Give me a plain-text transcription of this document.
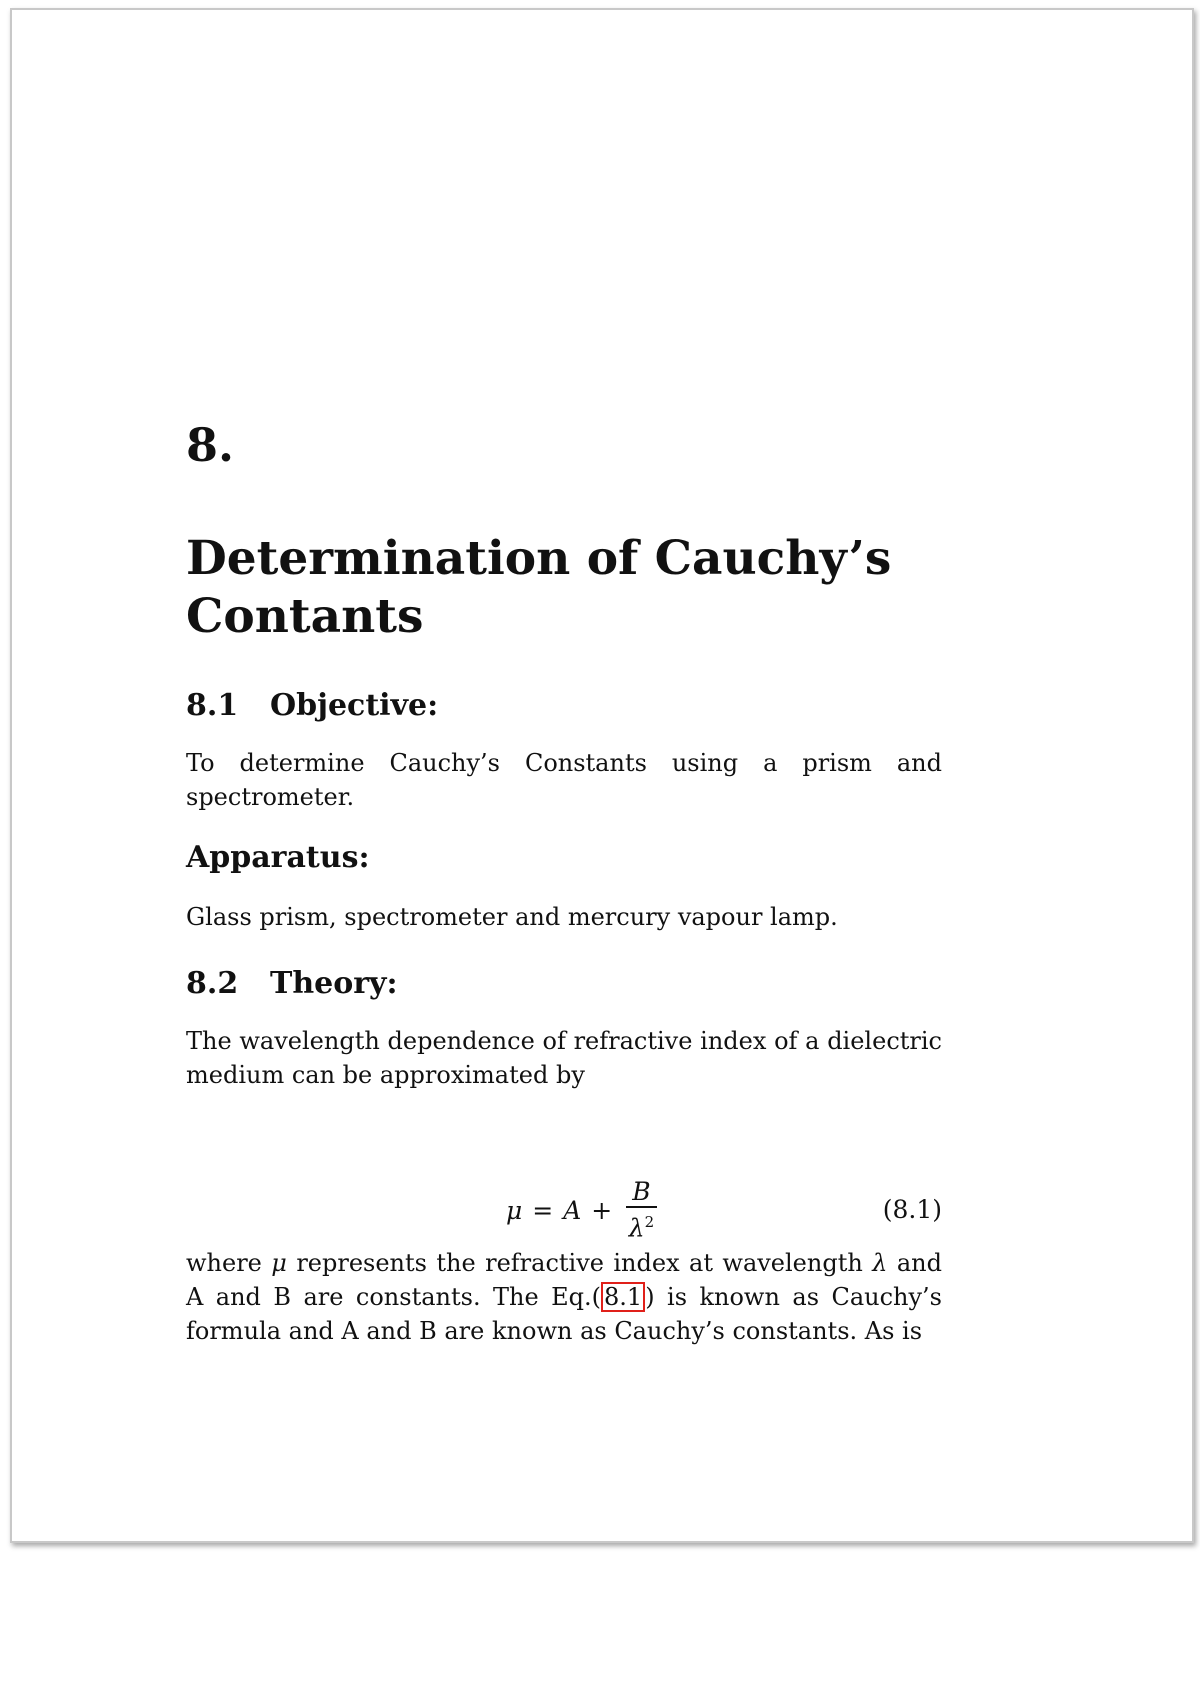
8.
Determination of Cauchy’s Contants
8.1 Objective:
To determine Cauchy’s Constants using a prism and spectrometer.
Apparatus:
Glass prism, spectrometer and mercury vapour lamp.
8.2 Theory:
The wavelength dependence of refractive index of a dielectric medium can be approximated by
$\mu = A + \frac{B}{\lambda^2}$	(8.1)
where μ represents the refractive index at wavelength λ and A and B are constants. The Eq.( 8.1 ) is known as Cauchy’s formula and A and B are known as Cauchy’s constants. As is
